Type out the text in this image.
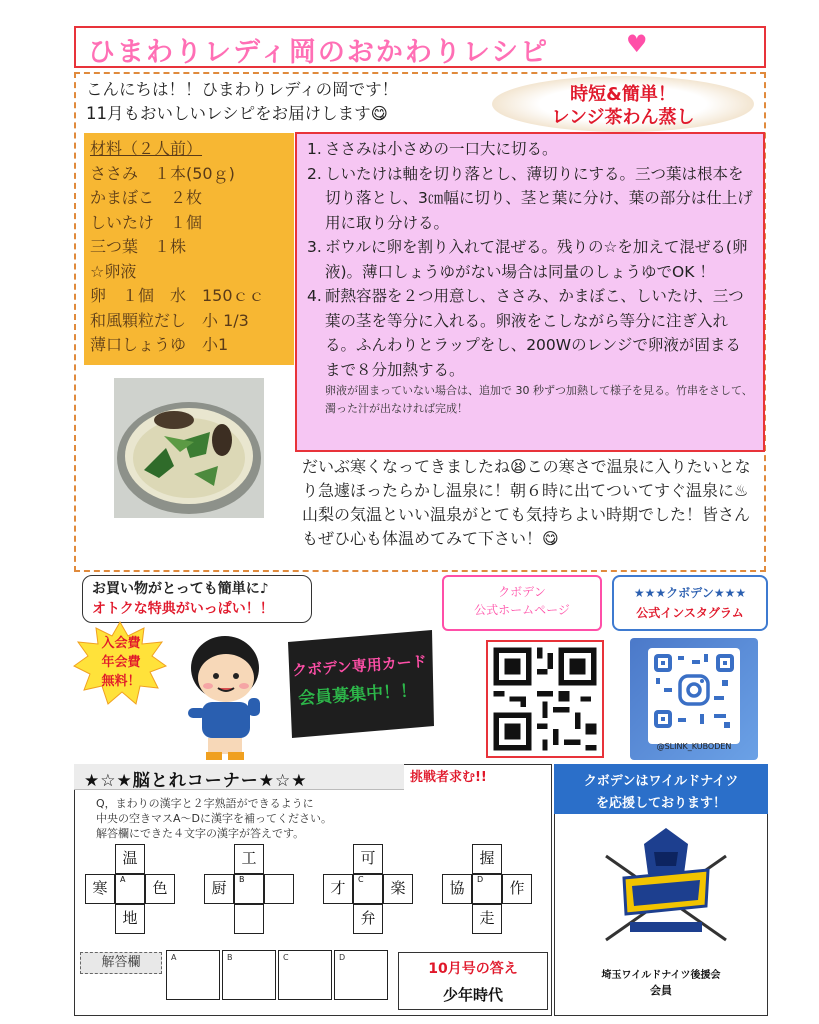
ひまわりレディ岡のおかわりレシピ	♥
こんにちは！！ひまわりレディの岡です！
11月もおいしいレシピをお届けします😋
時短&簡単！
レンジ茶わん蒸し
材料（２人前）
ささみ　１本(50ｇ)
かまぼこ　２枚
しいたけ　１個
三つ葉　１株
☆卵液
卵　１個　水　150ｃｃ
和風顆粒だし　小 1/3
薄口しょうゆ　小1
1. ささみは小さめの一口大に切る。
2. しいたけは軸を切り落とし、薄切りにする。三つ葉は根本を切り落とし、3㎝幅に切り、茎と葉に分け、葉の部分は仕上げ用に取り分ける。
3. ボウルに卵を割り入れて混ぜる。残りの☆を加えて混ぜる(卵液)。薄口しょうゆがない場合は同量のしょうゆでOK ！
4. 耐熱容器を２つ用意し、ささみ、かまぼこ、しいたけ、三つ葉の茎を等分に入れる。卵液をこしながら等分に注ぎ入れる。ふんわりとラップをし、200Wのレンジで卵液が固まるまで８分加熱する。
卵液が固まっていない場合は、追加で 30 秒ずつ加熱して様子を見る。竹串をさして、濁った汁が出なければ完成！
だいぶ寒くなってきましたね😫この寒さで温泉に入りたいとなり急遽ほったらかし温泉に！朝６時に出てついてすぐ温泉に♨山梨の気温といい温泉がとても気持ちよい時期でした！皆さんもぜひ心も体温めてみて下さい！😋
お買い物がとっても簡単に♪
オトクな特典がいっぱい！！
入会費
年会費
無料！
クボデン専用カード
会員募集中！！
クボデン
公式ホームページ
★★★クボデン★★★
公式インスタグラム
@SLINK_KUBODEN
★☆★脳とれコーナー★☆★	挑戦者求む!!
Q，まわりの漢字と２字熟語ができるように
中央の空きマスA～Dに漢字を補ってください。
解答欄にできた４文字の漢字が答えです。
温
寒	A	色
地
工
厨	B
可
才	C	楽
弁
握
協	D	作
走
解答欄	A	B	C	D
10月号の答え
少年時代
クボデンはワイルドナイツ
を応援しております！
埼玉ワイルドナイツ後援会
会員
